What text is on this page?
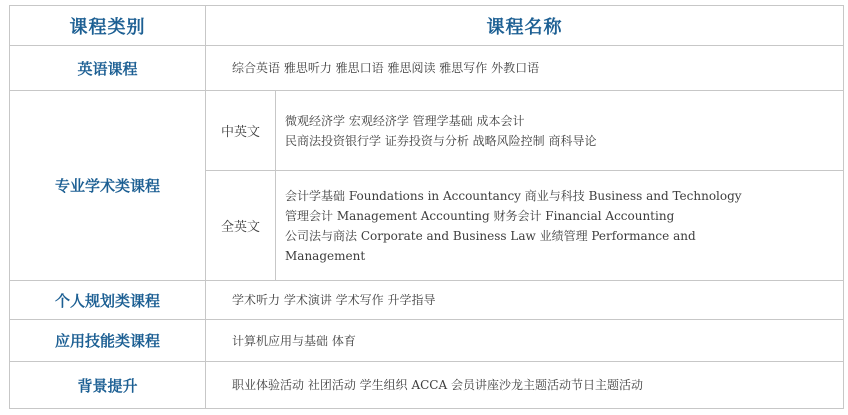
课程类别	课程名称	
英语课程	综合英语 雅思听力 雅思口语 雅思阅读 雅思写作 外教口语	
专业学术类课程	中英文	微观经济学 宏观经济学 管理学基础 成本会计
民商法投资银行学 证券投资与分析 战略风险控制 商科导论

	全英文	会计学基础 Foundations in Accountancy 商业与科技 Business and Technology
管理会计 Management Accounting 财务会计 Financial Accounting
公司法与商法 Corporate and Business Law 业绩管理 Performance and
Management

个人规划类课程	学术听力 学术演讲 学术写作 升学指导	
应用技能类课程	计算机应用与基础 体育	
背景提升	职业体验活动 社团活动 学生组织 ACCA 会员讲座沙龙主题活动节日主题活动	
